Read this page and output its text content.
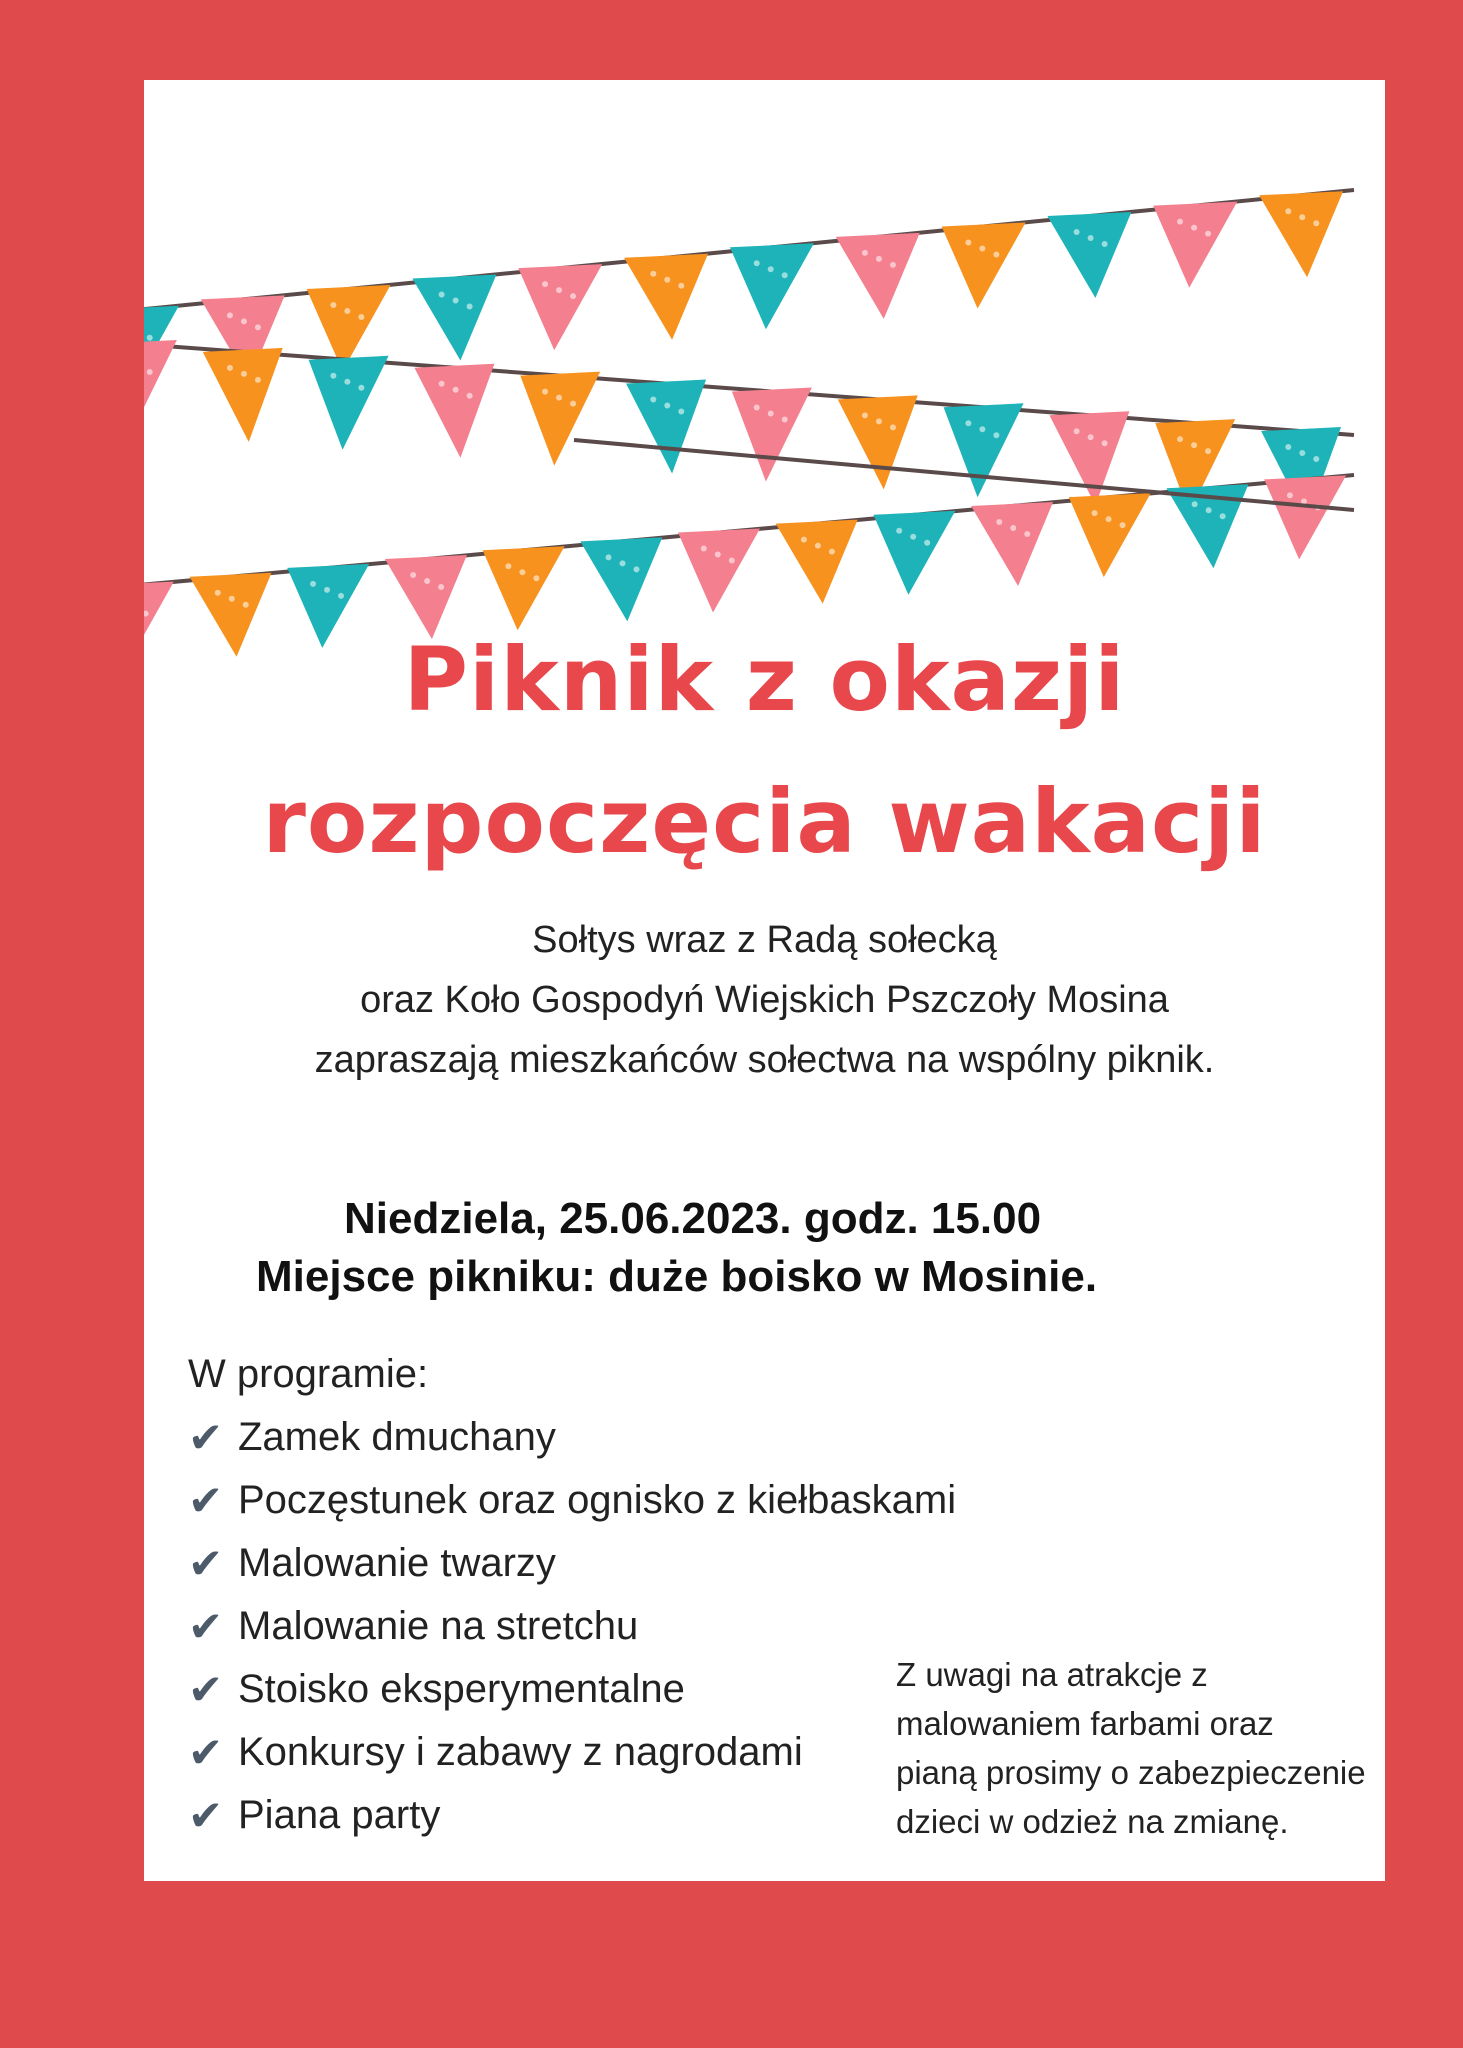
Piknik z okazji
rozpoczęcia wakacji
Sołtys wraz z Radą sołecką
oraz Koło Gospodyń Wiejskich Pszczoły Mosina
zapraszają mieszkańców sołectwa na wspólny piknik.
Niedziela, 25.06.2023. godz. 15.00
Miejsce pikniku: duże boisko w Mosinie.
W programie:
✔ Zamek dmuchany
✔ Poczęstunek oraz ognisko z kiełbaskami
✔ Malowanie twarzy
✔ Malowanie na stretchu
✔ Stoisko eksperymentalne
✔ Konkursy i zabawy z nagrodami
✔ Piana party
Z uwagi na atrakcje z
malowaniem farbami oraz
pianą prosimy o zabezpieczenie
dzieci w odzież na zmianę.
